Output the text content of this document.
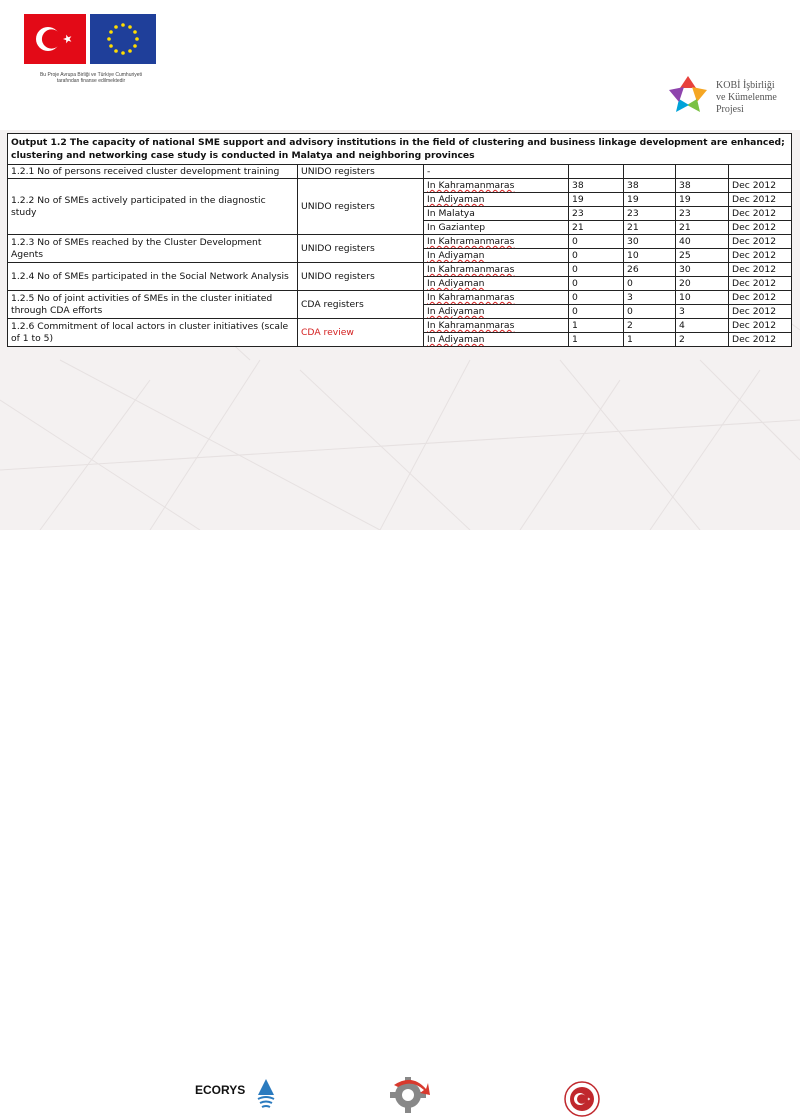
Bu Proje Avrupa Birliği ve Türkiye Cumhuriyeti
tarafından finanse edilmektedir	KOBİ İşbirliği
ve Kümelenme
Projesi
Output 1.2 The capacity of national SME support and advisory institutions in the field of clustering and business linkage development are enhanced; clustering and networking case study is conducted in Malatya and neighboring provinces						
1.2.1 No of persons received cluster development training	UNIDO registers	-				
1.2.2 No of SMEs actively participated in the diagnostic study	UNIDO registers	In Kahramanmaras	38	38	38	Dec 2012
		In Adiyaman	19	19	19	Dec 2012
		In Malatya	23	23	23	Dec 2012
		In Gaziantep	21	21	21	Dec 2012
1.2.3 No of SMEs reached by the Cluster Development Agents	UNIDO registers	In Kahramanmaras	0	30	40	Dec 2012
		In Adiyaman	0	10	25	Dec 2012
1.2.4 No of SMEs participated in the Social Network Analysis	UNIDO registers	In Kahramanmaras	0	26	30	Dec 2012
		In Adiyaman	0	0	20	Dec 2012
1.2.5 No of joint activities of SMEs in the cluster initiated through CDA efforts	CDA registers	In Kahramanmaras	0	3	10	Dec 2012
		In Adiyaman	0	0	3	Dec 2012
1.2.6 Commitment of local actors in cluster initiatives (scale of 1 to 5)	CDA review	In Kahramanmaras	1	2	4	Dec 2012
		In Adiyaman	1	1	2	Dec 2012
ECORYS
